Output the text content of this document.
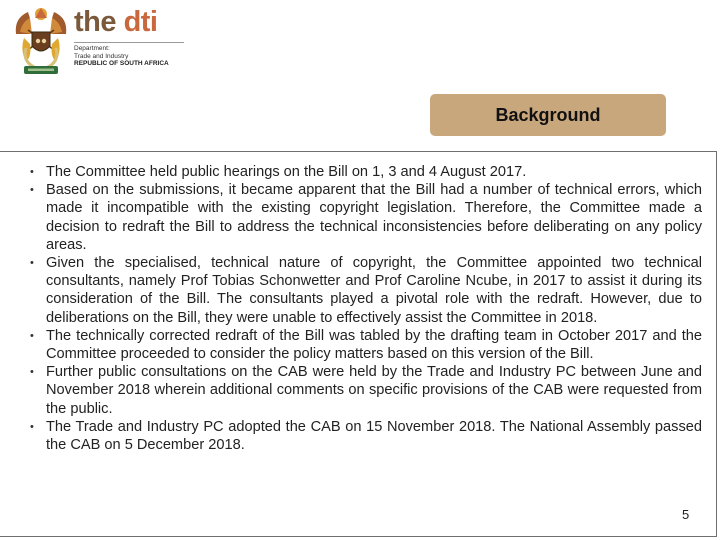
the dti
Department:
Trade and Industry
REPUBLIC OF SOUTH AFRICA
Background
• The Committee held public hearings on the Bill on 1, 3 and 4 August 2017.
• Based on the submissions, it became apparent that the Bill had a number of technical errors, which made it incompatible with the existing copyright legislation. Therefore, the Committee made a decision to redraft the Bill to address the technical inconsistencies before deliberating on any policy areas.
• Given the specialised, technical nature of copyright, the Committee appointed two technical consultants, namely Prof Tobias Schonwetter and Prof Caroline Ncube, in 2017 to assist it during its consideration of the Bill. The consultants played a pivotal role with the redraft. However, due to deliberations on the Bill, they were unable to effectively assist the Committee in 2018.
• The technically corrected redraft of the Bill was tabled by the drafting team in October 2017 and the Committee proceeded to consider the policy matters based on this version of the Bill.
• Further public consultations on the CAB were held by the Trade and Industry PC between June and November 2018 wherein additional comments on specific provisions of the CAB were requested from the public.
• The Trade and Industry PC adopted the CAB on 15 November 2018. The National Assembly passed the CAB on 5 December 2018.
5
